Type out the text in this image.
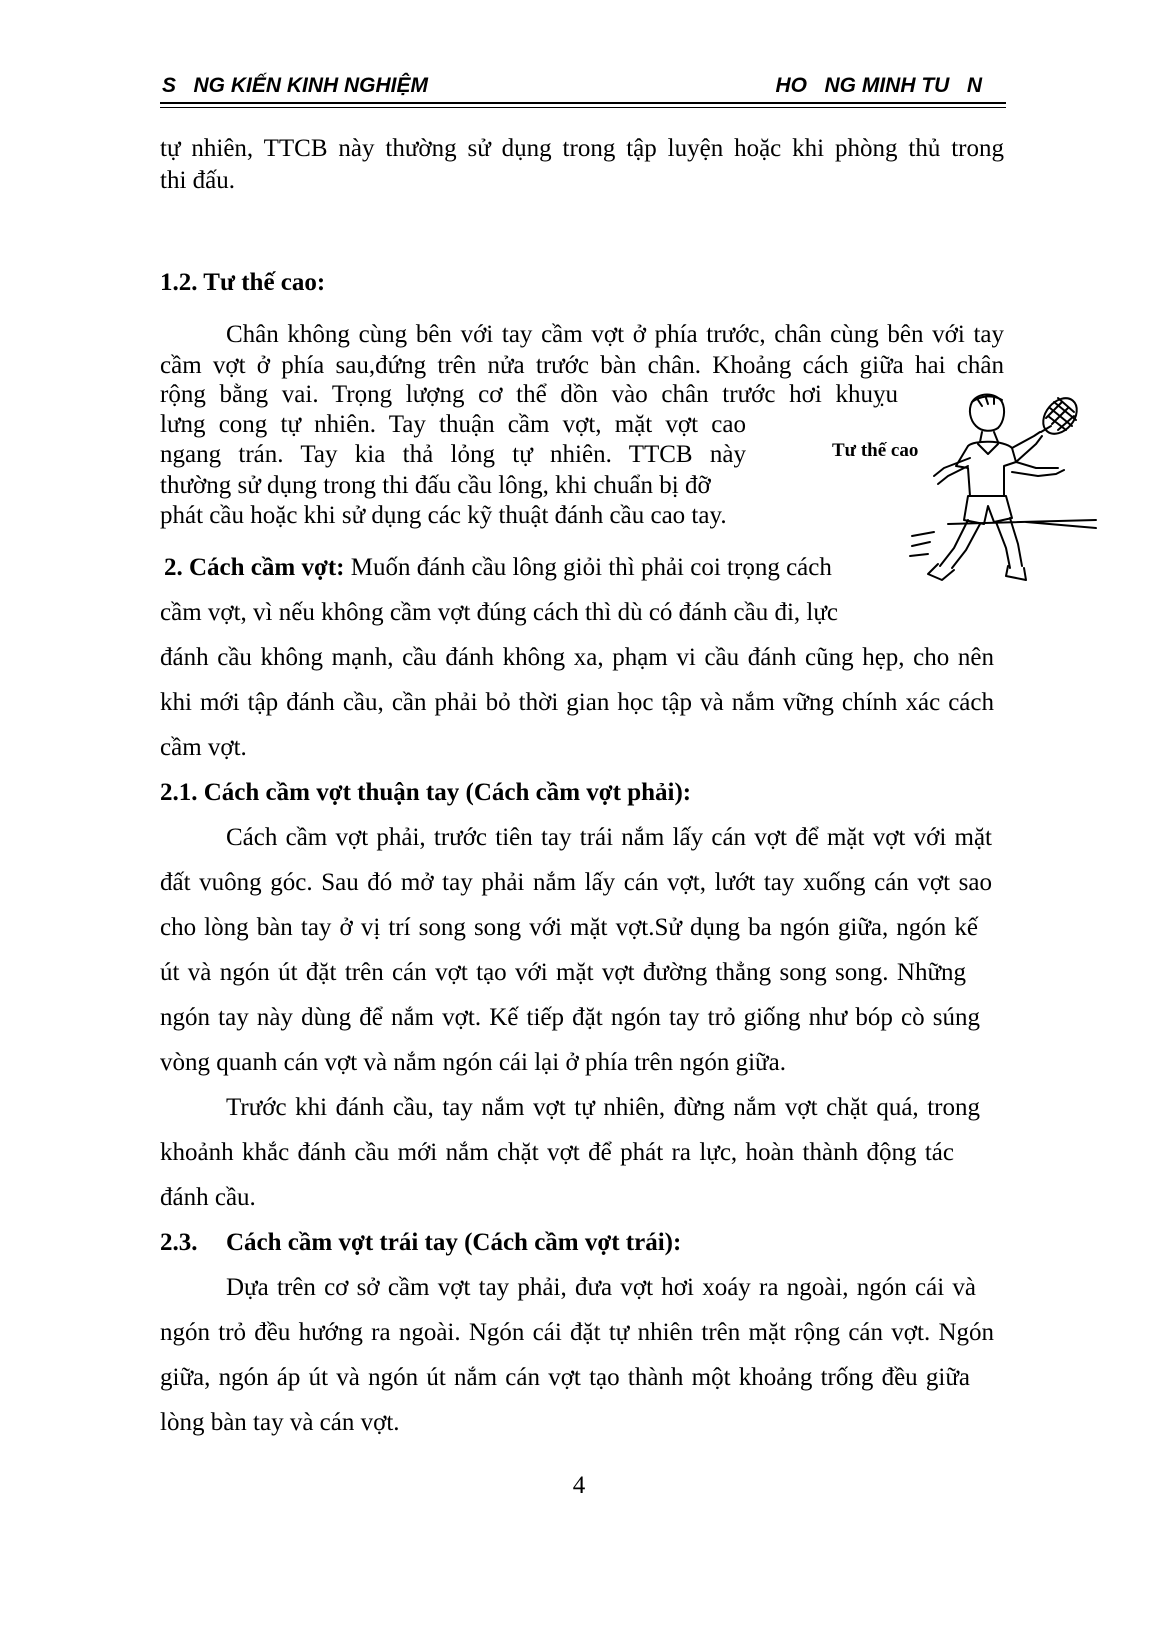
S   NG KIẾN KINH NGHIỆM	HO   NG MINH TU   N
tự nhiên, TTCB này thường sử dụng trong tập luyện hoặc khi phòng thủ trong
thi đấu.
1.2. Tư thế cao:
Chân không cùng bên với tay cầm vợt ở phía trước, chân cùng bên với tay
cầm vợt ở phía sau,đứng trên nửa trước bàn chân. Khoảng cách giữa hai chân
rộng bằng vai. Trọng lượng cơ thể dồn vào chân trước hơi khuỵu
lưng cong tự nhiên. Tay thuận cầm vợt, mặt vợt cao
ngang trán. Tay kia thả lỏng tự nhiên. TTCB này
thường sử dụng trong thi đấu cầu lông, khi chuẩn bị đỡ
phát cầu hoặc khi sử dụng các kỹ thuật đánh cầu cao tay.
2. Cách cầm vợt: Muốn đánh cầu lông giỏi thì phải coi trọng cách
cầm vợt, vì nếu không cầm vợt đúng cách thì dù có đánh cầu đi, lực
đánh cầu không mạnh, cầu đánh không xa, phạm vi cầu đánh cũng hẹp, cho nên
khi mới tập đánh cầu, cần phải bỏ thời gian học tập và nắm vững chính xác cách
cầm vợt.
2.1. Cách cầm vợt thuận tay (Cách cầm vợt phải):
Cách cầm vợt phải, trước tiên tay trái nắm lấy cán vợt để mặt vợt với mặt
đất vuông góc. Sau đó mở tay phải nắm lấy cán vợt, lướt tay xuống cán vợt sao
cho lòng bàn tay ở vị trí song song với mặt vợt.Sử dụng ba ngón giữa, ngón kế
út và ngón út đặt trên cán vợt tạo với mặt vợt đường thẳng song song. Những
ngón tay này dùng để nắm vợt. Kế tiếp đặt ngón tay trỏ giống như bóp cò súng
vòng quanh cán vợt và nắm ngón cái lại ở phía trên ngón giữa.
Trước khi đánh cầu, tay nắm vợt tự nhiên, đừng nắm vợt chặt quá, trong
khoảnh khắc đánh cầu mới nắm chặt vợt để phát ra lực, hoàn thành động tác
đánh cầu.
2.3. Cách cầm vợt trái tay (Cách cầm vợt trái):
Dựa trên cơ sở cầm vợt tay phải, đưa vợt hơi xoáy ra ngoài, ngón cái và
ngón trỏ đều hướng ra ngoài. Ngón cái đặt tự nhiên trên mặt rộng cán vợt. Ngón
giữa, ngón áp út và ngón út nắm cán vợt tạo thành một khoảng trống đều giữa
lòng bàn tay và cán vợt.
Tư thế cao
4
